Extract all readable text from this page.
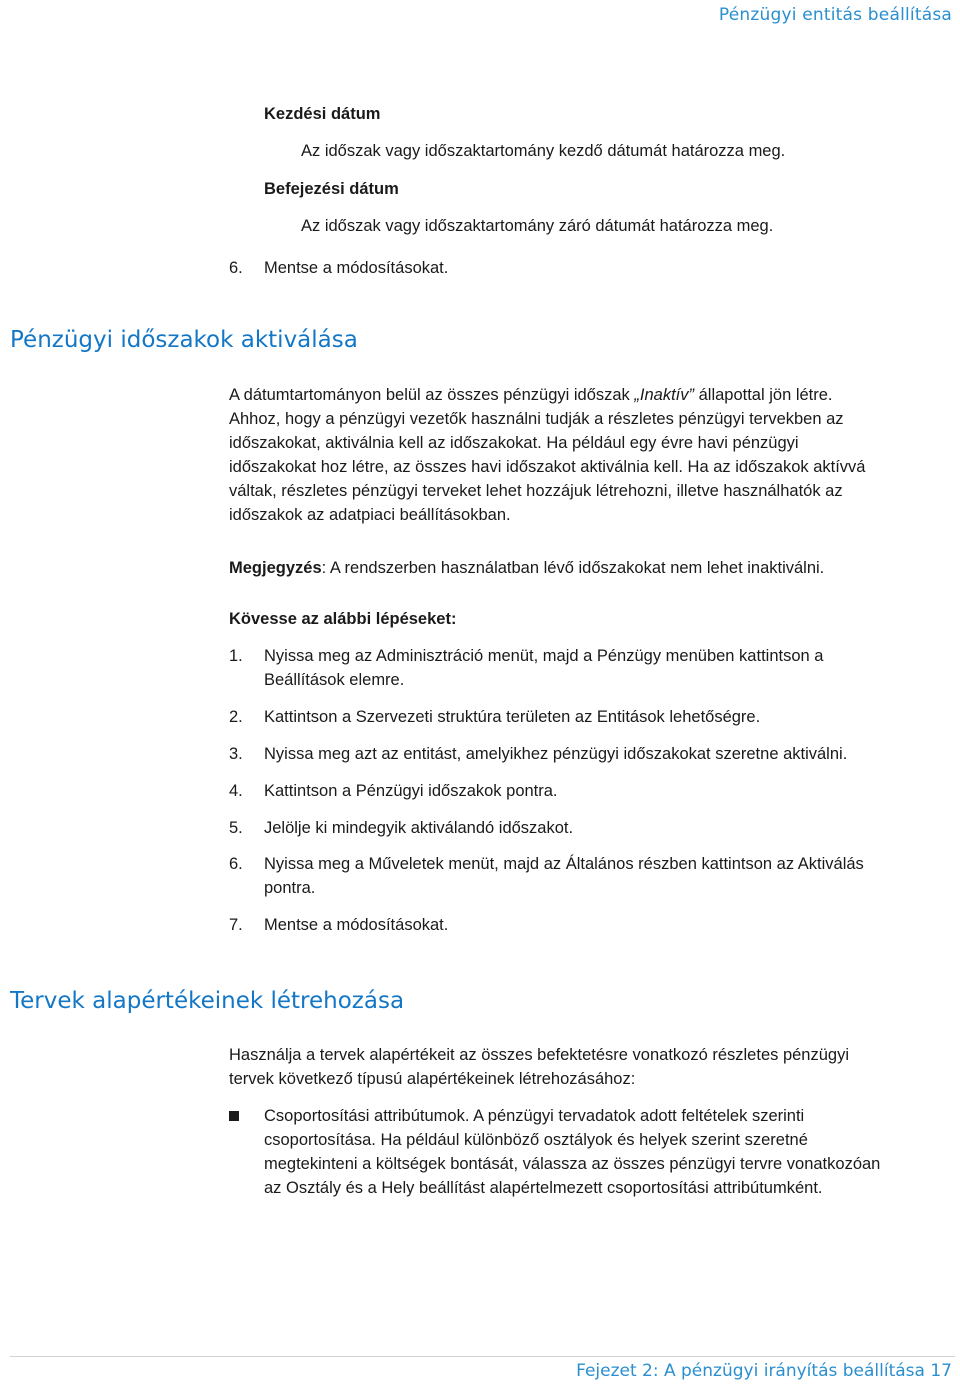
Pénzügyi entitás beállítása
Kezdési dátum
Az időszak vagy időszaktartomány kezdő dátumát határozza meg.
Befejezési dátum
Az időszak vagy időszaktartomány záró dátumát határozza meg.
6. Mentse a módosításokat.
Pénzügyi időszakok aktiválása
A dátumtartományon belül az összes pénzügyi időszak „Inaktív” állapottal jön létre.
Ahhoz, hogy a pénzügyi vezetők használni tudják a részletes pénzügyi tervekben az
időszakokat, aktiválnia kell az időszakokat. Ha például egy évre havi pénzügyi
időszakokat hoz létre, az összes havi időszakot aktiválnia kell. Ha az időszakok aktívvá
váltak, részletes pénzügyi terveket lehet hozzájuk létrehozni, illetve használhatók az
időszakok az adatpiaci beállításokban.
Megjegyzés: A rendszerben használatban lévő időszakokat nem lehet inaktiválni.
Kövesse az alábbi lépéseket:
1. Nyissa meg az Adminisztráció menüt, majd a Pénzügy menüben kattintson a
Beállítások elemre.
2. Kattintson a Szervezeti struktúra területen az Entitások lehetőségre.
3. Nyissa meg azt az entitást, amelyikhez pénzügyi időszakokat szeretne aktiválni.
4. Kattintson a Pénzügyi időszakok pontra.
5. Jelölje ki mindegyik aktiválandó időszakot.
6. Nyissa meg a Műveletek menüt, majd az Általános részben kattintson az Aktiválás
pontra.
7. Mentse a módosításokat.
Tervek alapértékeinek létrehozása
Használja a tervek alapértékeit az összes befektetésre vonatkozó részletes pénzügyi
tervek következő típusú alapértékeinek létrehozásához:
Csoportosítási attribútumok. A pénzügyi tervadatok adott feltételek szerinti
csoportosítása. Ha például különböző osztályok és helyek szerint szeretné
megtekinteni a költségek bontását, válassza az összes pénzügyi tervre vonatkozóan
az Osztály és a Hely beállítást alapértelmezett csoportosítási attribútumként.
Fejezet 2: A pénzügyi irányítás beállítása 17
